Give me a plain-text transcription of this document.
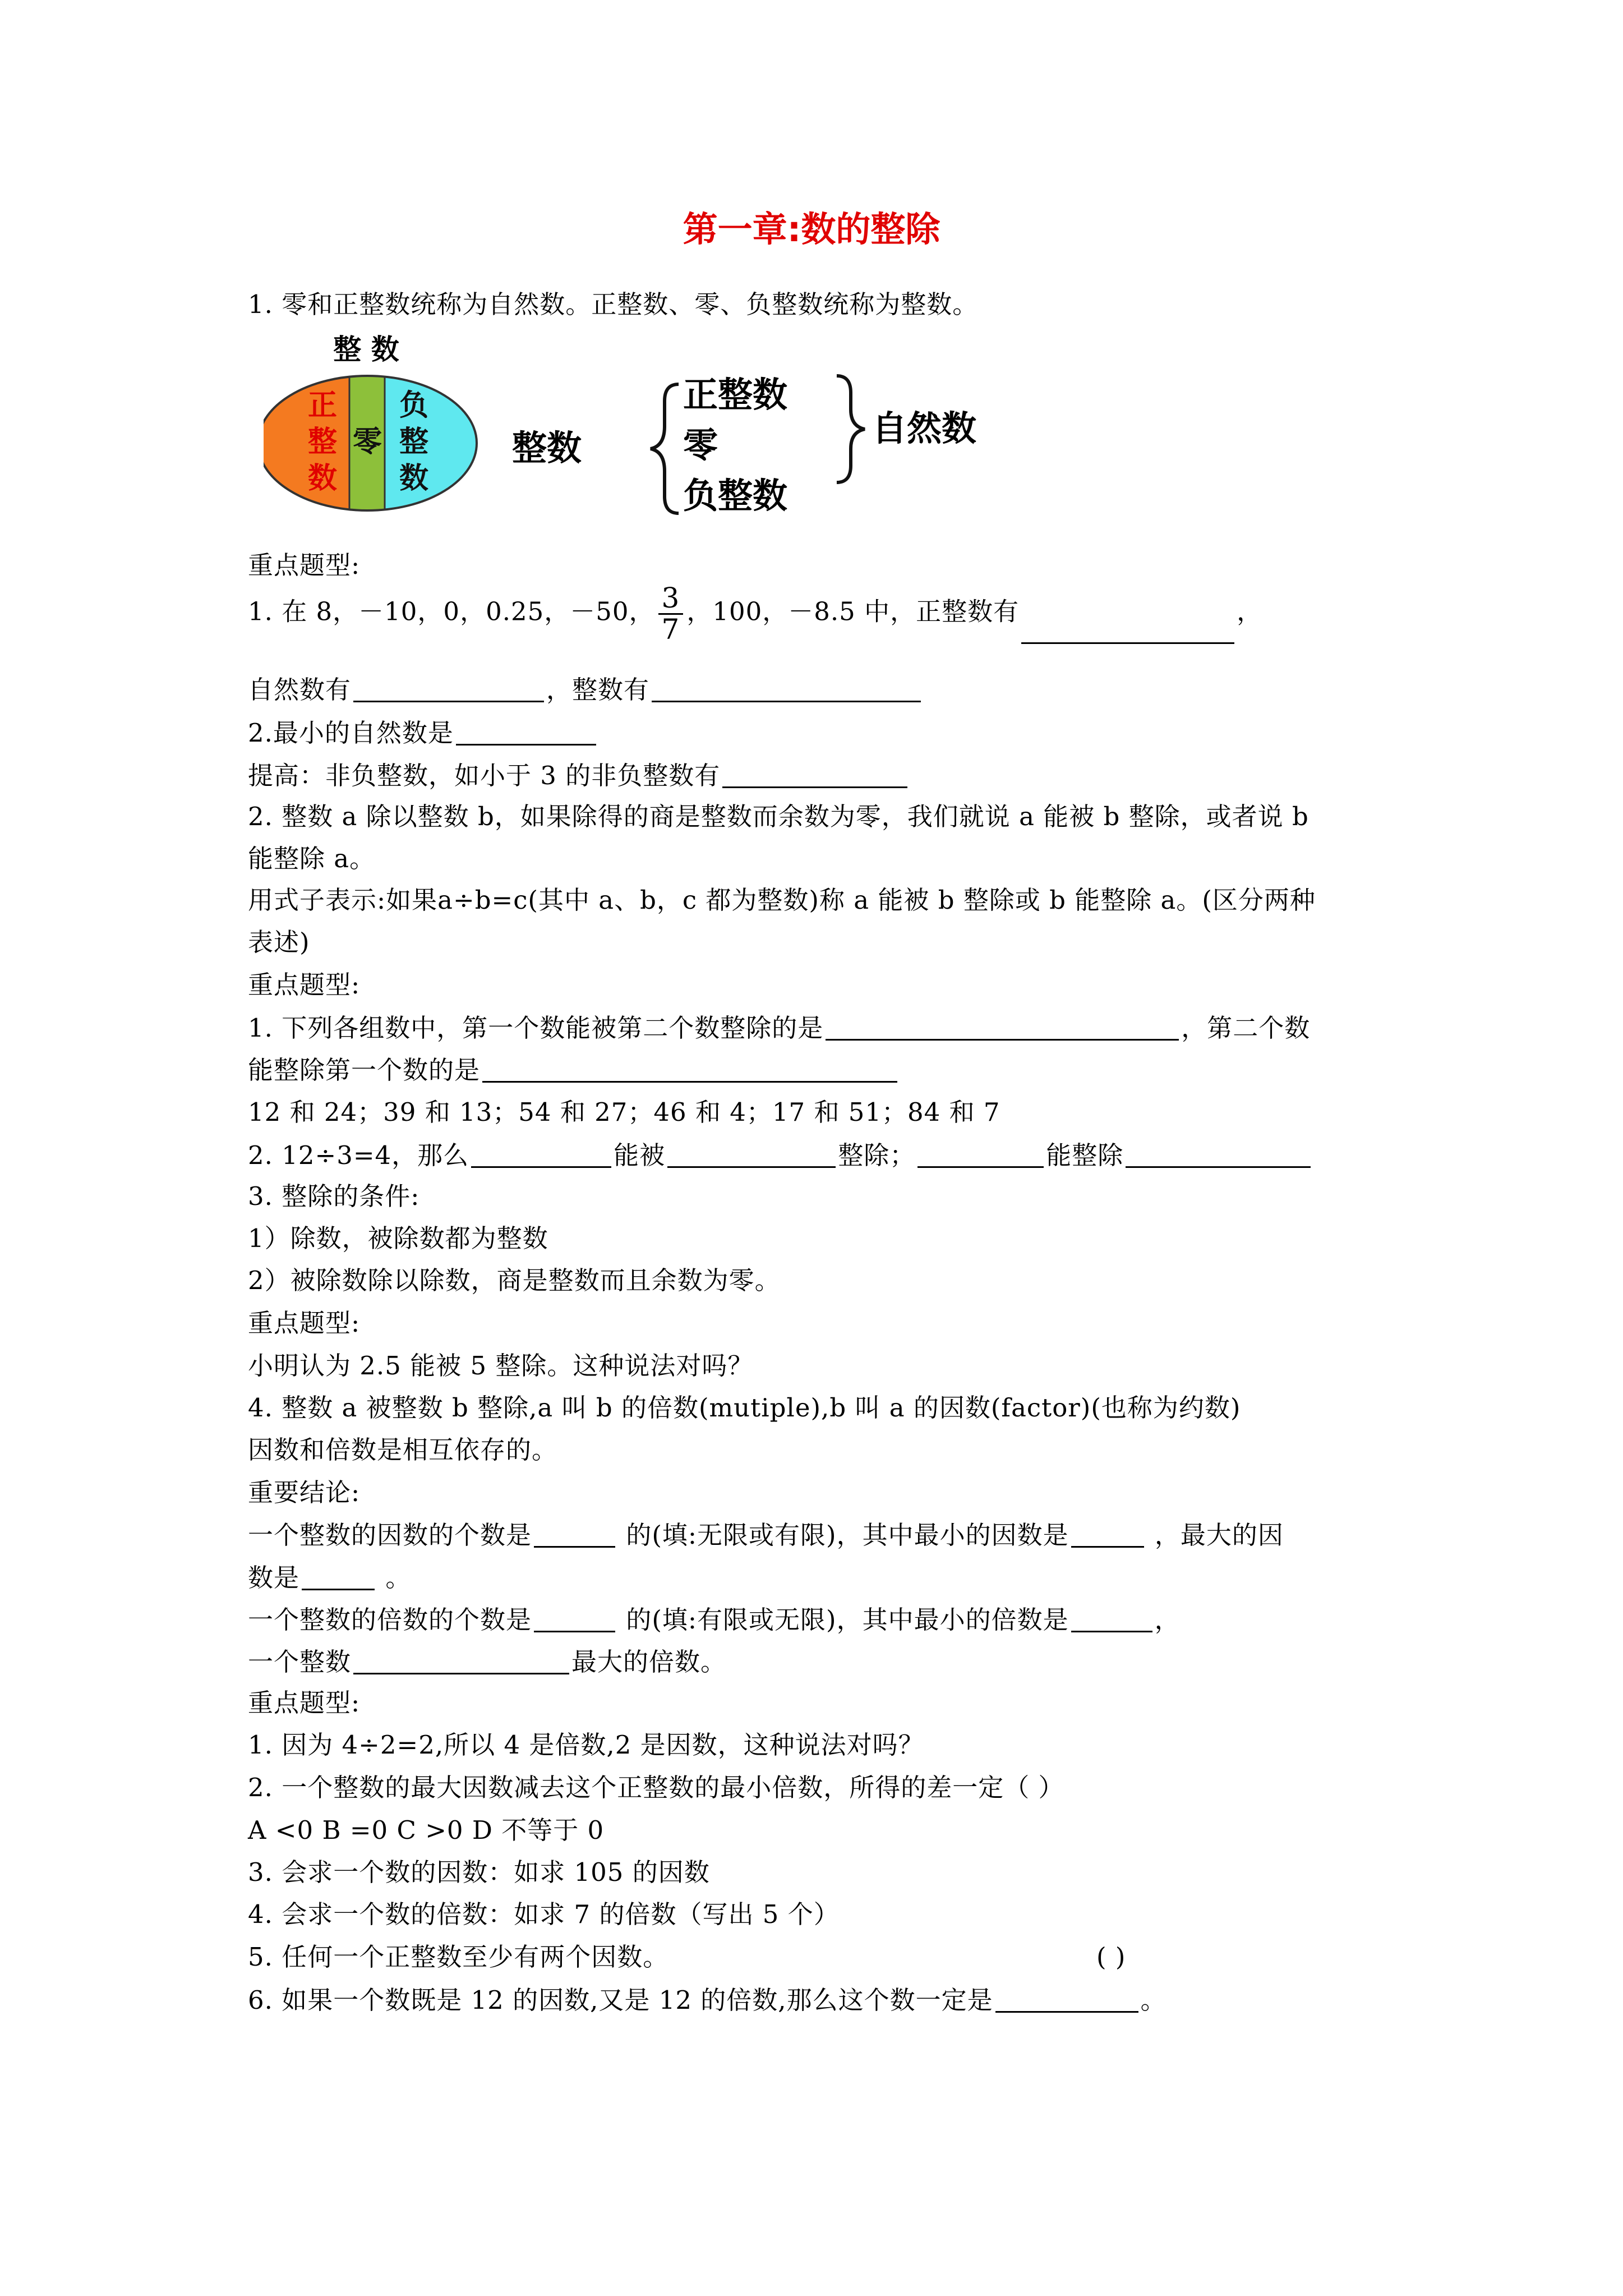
第一章:数的整除
1. 零和正整数统称为自然数。正整数、零、负整数统称为整数。
整 数
正
整
数
零
负
整
数
整数
正整数
零
负整数
自然数
重点题型:
1. 在 8，－10，0，0.25，－50， $\frac{3}{7}$ ，100，－8.5 中，正整数有	，
自然数有	，整数有
2.最小的自然数是
提高：非负整数，如小于 3 的非负整数有
2. 整数 a 除以整数 b，如果除得的商是整数而余数为零，我们就说 a 能被 b 整除，或者说 b
能整除 a。
用式子表示:如果a÷b=c(其中 a、b，c 都为整数)称 a 能被 b 整除或 b 能整除 a。(区分两种
表述)
重点题型:
1. 下列各组数中，第一个数能被第二个数整除的是	，第二个数
能整除第一个数的是
12 和 24；39 和 13；54 和 27；46 和 4；17 和 51；84 和 7
2. 12÷3=4，那么	能被	整除；	能整除
3. 整除的条件:
1）除数，被除数都为整数
2）被除数除以除数，商是整数而且余数为零。
重点题型:
小明认为 2.5 能被 5 整除。这种说法对吗？
4. 整数 a 被整数 b 整除,a 叫 b 的倍数(mutiple),b 叫 a 的因数(factor)(也称为约数)
因数和倍数是相互依存的。
重要结论:
一个整数的因数的个数是	的(填:无限或有限)，其中最小的因数是	，最大的因
数是	。
一个整数的倍数的个数是	的(填:有限或无限)，其中最小的倍数是	，
一个整数	最大的倍数。
重点题型:
1. 因为 4÷2=2,所以 4 是倍数,2 是因数，这种说法对吗？
2. 一个整数的最大因数减去这个正整数的最小倍数，所得的差一定（ ）
A <0 B =0 C >0 D 不等于 0
3. 会求一个数的因数：如求 105 的因数
4. 会求一个数的倍数：如求 7 的倍数（写出 5 个）
5. 任何一个正整数至少有两个因数。	( )
6. 如果一个数既是 12 的因数,又是 12 的倍数,那么这个数一定是	。
